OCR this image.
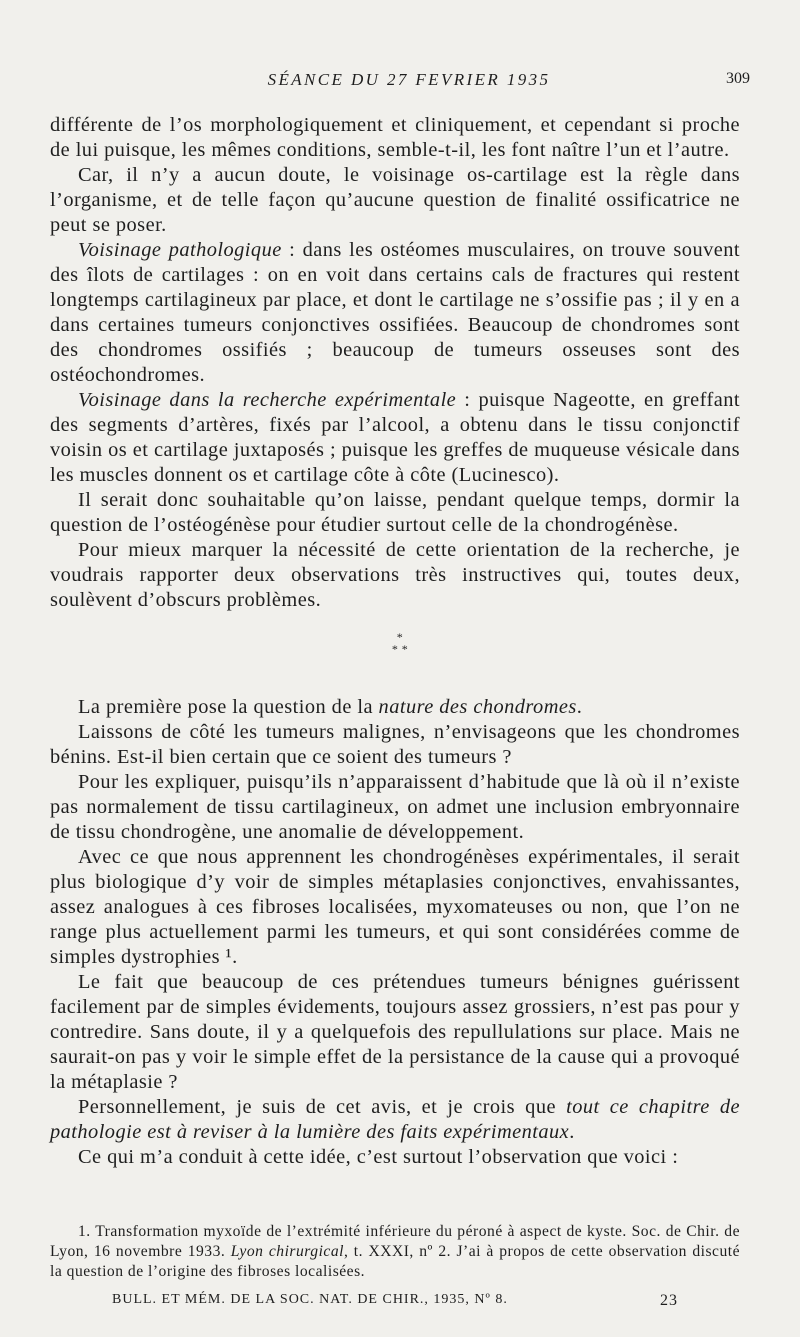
SÉANCE DU 27 FEVRIER 1935	309

différente de l’os morphologiquement et cliniquement, et cependant si proche de lui puisque, les mêmes conditions, semble-t-il, les font naître l’un et l’autre.

Car, il n’y a aucun doute, le voisinage os-cartilage est la règle dans l’organisme, et de telle façon qu’aucune question de finalité ossificatrice ne peut se poser.

Voisinage pathologique : dans les ostéomes musculaires, on trouve souvent des îlots de cartilages : on en voit dans certains cals de fractures qui restent longtemps cartilagineux par place, et dont le cartilage ne s’ossifie pas ; il y en a dans certaines tumeurs conjonctives ossifiées. Beaucoup de chondromes sont des chondromes ossifiés ; beaucoup de tumeurs osseuses sont des ostéochondromes.

Voisinage dans la recherche expérimentale : puisque Nageotte, en greffant des segments d’artères, fixés par l’alcool, a obtenu dans le tissu conjonctif voisin os et cartilage juxtaposés ; puisque les greffes de muqueuse vésicale dans les muscles donnent os et cartilage côte à côte (Lucinesco).

Il serait donc souhaitable qu’on laisse, pendant quelque temps, dormir la question de l’ostéogénèse pour étudier surtout celle de la chondrogénèse.

Pour mieux marquer la nécessité de cette orientation de la recherche, je voudrais rapporter deux observations très instructives qui, toutes deux, soulèvent d’obscurs problèmes.

*
* *

La première pose la question de la nature des chondromes.

Laissons de côté les tumeurs malignes, n’envisageons que les chondromes bénins. Est-il bien certain que ce soient des tumeurs ?

Pour les expliquer, puisqu’ils n’apparaissent d’habitude que là où il n’existe pas normalement de tissu cartilagineux, on admet une inclusion embryonnaire de tissu chondrogène, une anomalie de développement.

Avec ce que nous apprennent les chondrogénèses expérimentales, il serait plus biologique d’y voir de simples métaplasies conjonctives, envahissantes, assez analogues à ces fibroses localisées, myxomateuses ou non, que l’on ne range plus actuellement parmi les tumeurs, et qui sont considérées comme de simples dystrophies ¹.

Le fait que beaucoup de ces prétendues tumeurs bénignes guérissent facilement par de simples évidements, toujours assez grossiers, n’est pas pour y contredire. Sans doute, il y a quelquefois des repullulations sur place. Mais ne saurait-on pas y voir le simple effet de la persistance de la cause qui a provoqué la métaplasie ?

Personnellement, je suis de cet avis, et je crois que tout ce chapitre de pathologie est à reviser à la lumière des faits expérimentaux.

Ce qui m’a conduit à cette idée, c’est surtout l’observation que voici :

1. Transformation myxoïde de l’extrémité inférieure du péroné à aspect de kyste. Soc. de Chir. de Lyon, 16 novembre 1933. Lyon chirurgical, t. XXXI, nº 2. J’ai à propos de cette observation discuté la question de l’origine des fibroses localisées.

BULL. ET MÉM. DE LA SOC. NAT. DE CHIR., 1935, Nº 8.	23
